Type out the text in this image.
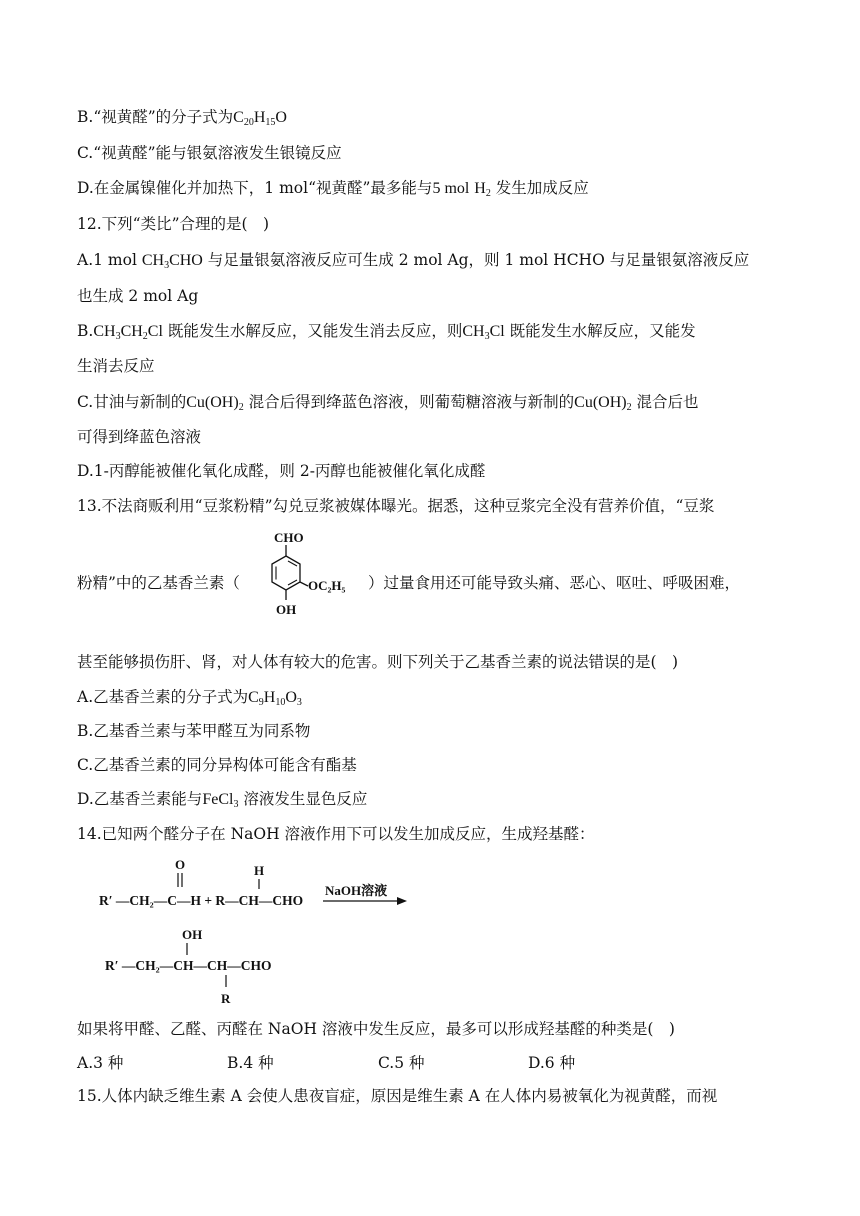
B.“视黄醛”的分子式为$C_{20}H_{15}O$
C.“视黄醛”能与银氨溶液发生银镜反应
D.在金属镍催化并加热下，1 mol“视黄醛”最多能与5 mol $H_2$ 发生加成反应
12.下列“类比”合理的是(　)
A.1 mol $CH_3CHO$ 与足量银氨溶液反应可生成 2 mol Ag，则 1 mol HCHO 与足量银氨溶液反应
也生成 2 mol Ag
$B.CH_3CH_2Cl$ 既能发生水解反应，又能发生消去反应，则$CH_3Cl$ 既能发生水解反应，又能发
生消去反应
C.甘油与新制的$Cu(OH)_2$ 混合后得到绛蓝色溶液，则葡萄糖溶液与新制的$Cu(OH)_2$ 混合后也
可得到绛蓝色溶液
D.1-丙醇能被催化氧化成醛，则 2-丙醇也能被催化氧化成醛
13.不法商贩利用“豆浆粉精”勾兑豆浆被媒体曝光。据悉，这种豆浆完全没有营养价值，“豆浆
粉精”中的乙基香兰素（
CHO
OC₂H₅
OH
）过量食用还可能导致头痛、恶心、呕吐、呼吸困难，
甚至能够损伤肝、肾，对人体有较大的危害。则下列关于乙基香兰素的说法错误的是(　)
A.乙基香兰素的分子式为$C_9H_{10}O_3$
B.乙基香兰素与苯甲醛互为同系物
C.乙基香兰素的同分异构体可能含有酯基
D.乙基香兰素能与FeCl$_3$ 溶液发生显色反应
14.已知两个醛分子在 NaOH 溶液作用下可以发生加成反应，生成羟基醛：
O	H
R′ —CH₂—C—H + R—CH—CHO
NaOH溶液
OH
R′ —CH₂—CH—CH—CHO
R
如果将甲醛、乙醛、丙醛在 NaOH 溶液中发生反应，最多可以形成羟基醛的种类是(　)
A.3 种	B.4 种	C.5 种	D.6 种
15.人体内缺乏维生素 A 会使人患夜盲症，原因是维生素 A 在人体内易被氧化为视黄醛，而视
